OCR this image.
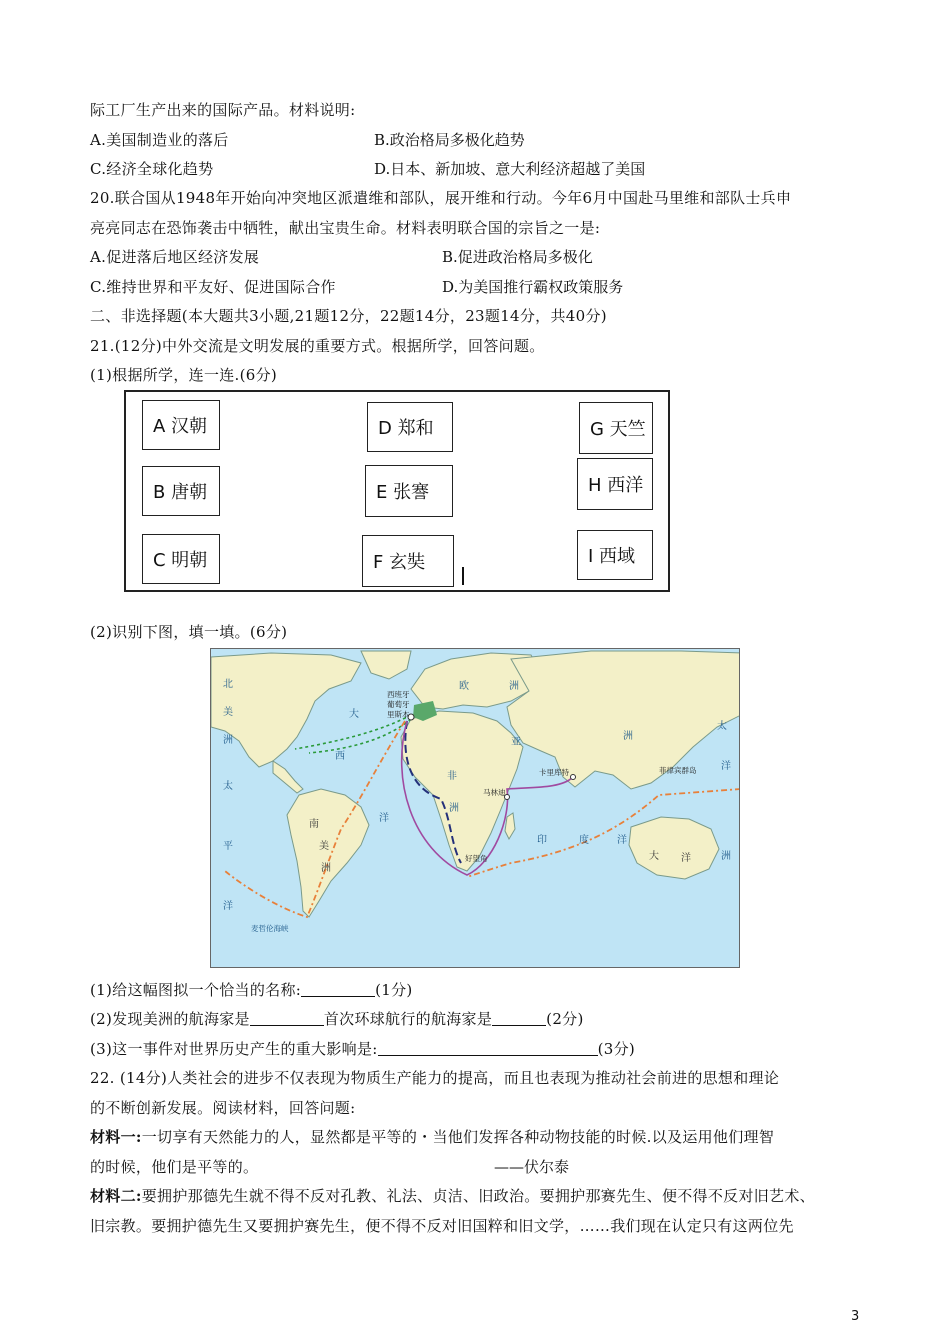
际工厂生产出来的国际产品。材料说明:
A.美国制造业的落后	B.政治格局多极化趋势
C.经济全球化趋势	D.日本、新加坡、意大利经济超越了美国
20.联合国从1948年开始向冲突地区派遣维和部队，展开维和行动。今年6月中国赴马里维和部队士兵申
亮亮同志在恐饰袭击中牺牲，献出宝贵生命。材料表明联合国的宗旨之一是:
A.促进落后地区经济发展	B.促进政治格局多极化
C.维持世界和平友好、促进国际合作	D.为美国推行霸权政策服务
二、非选择题(本大题共3小题,21题12分，22题14分，23题14分，共40分)
21.(12分)中外交流是文明发展的重要方式。根据所学，回答问题。
(1)根据所学，连一连.(6分)
A 汉朝	D 郑和	G 天竺
B 唐朝	E 张謇	H 西洋
C 明朝	F 玄奘	I 西域
(2)识别下图，填一填。(6分)
北
美
洲
大
西
洋
太
平
洋
欧	洲
亚
洲
非
洲
南
美
洲
印	度	洋
大 洋	洲
太
洋
西班牙
葡萄牙
里斯本
卡里库特
马林迪
好望角
菲律宾群岛
麦哲伦海峡
(1)给这幅图拟一个恰当的名称:	(1分)
(2)发现美洲的航海家是	首次环球航行的航海家是	(2分)
(3)这一事件对世界历史产生的重大影响是:	(3分)
22. (14分)人类社会的进步不仅表现为物质生产能力的提高，而且也表现为推动社会前进的思想和理论
的不断创新发展。阅读材料，回答问题:
材料一:一切享有天然能力的人，显然都是平等的・当他们发挥各种动物技能的时候.以及运用他们理智
的时候，他们是平等的。	——伏尔泰
材料二:要拥护那德先生就不得不反对孔教、礼法、贞洁、旧政治。要拥护那赛先生、便不得不反对旧艺术、
旧宗教。要拥护德先生又要拥护赛先生，便不得不反对旧国粹和旧文学，……我们现在认定只有这两位先
3
